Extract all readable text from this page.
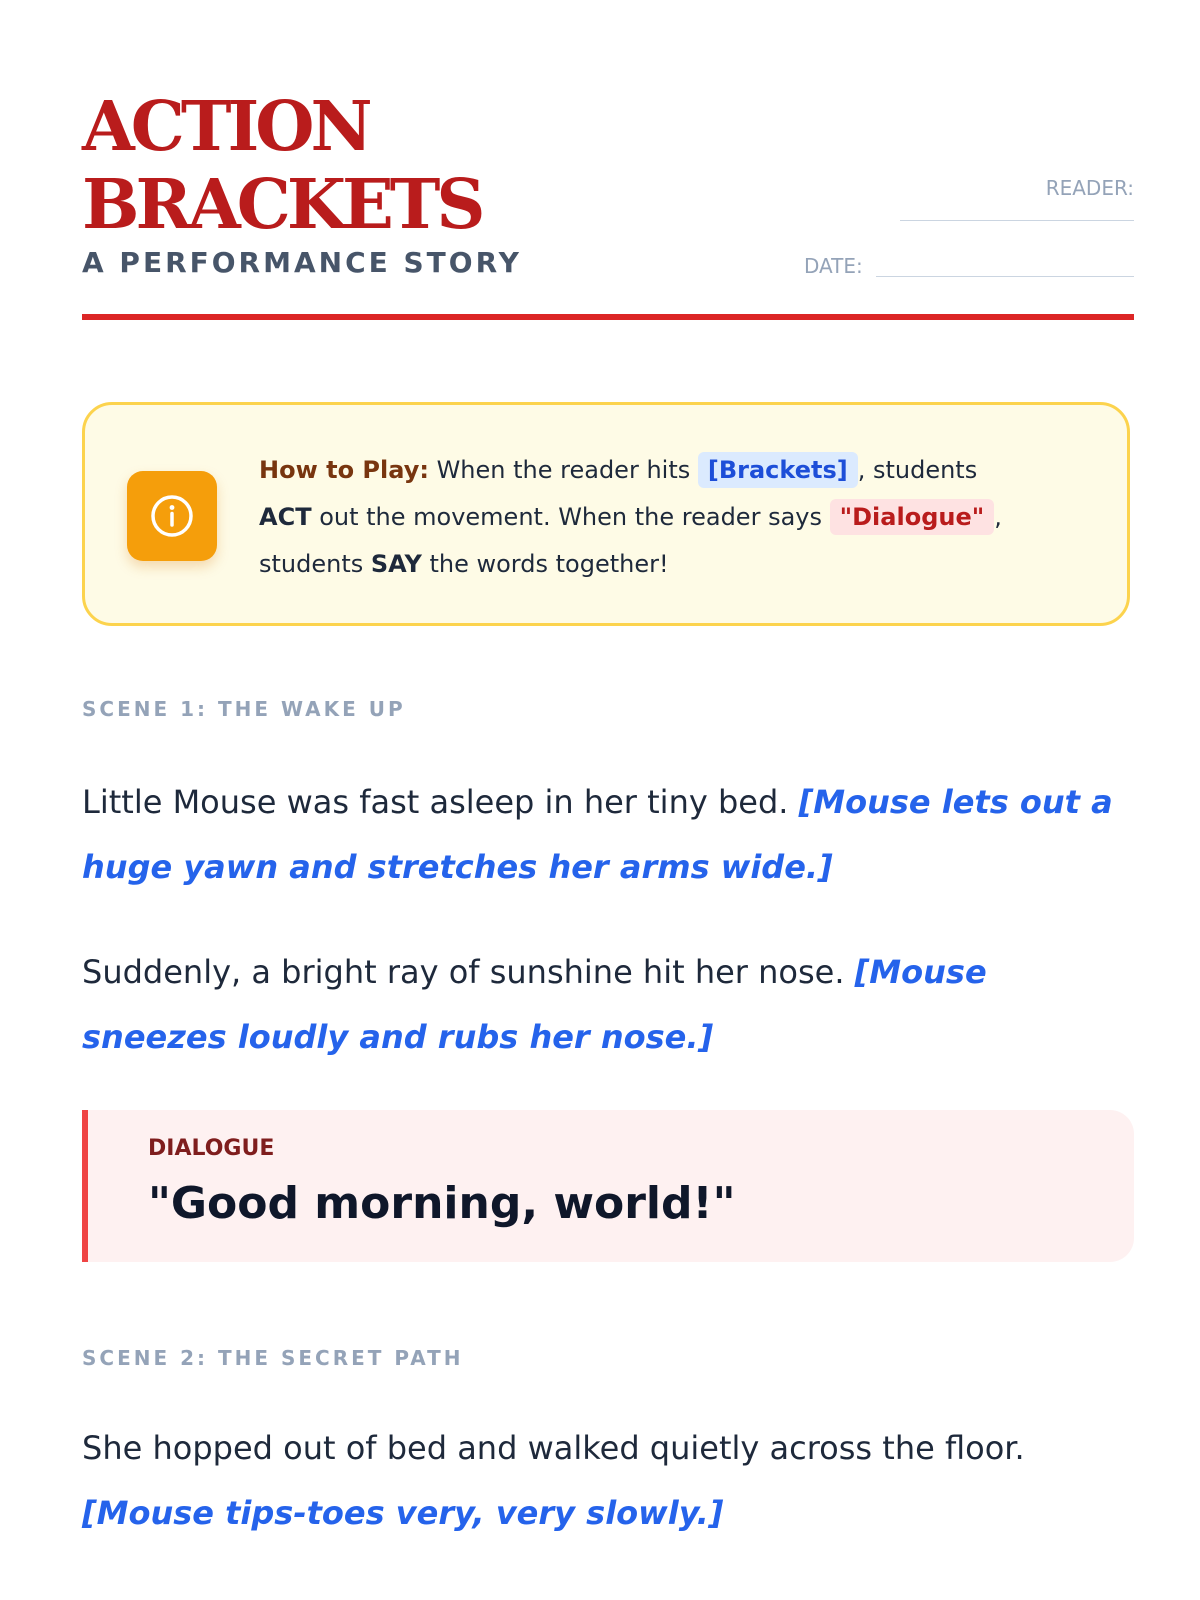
ACTION
BRACKETS
A PERFORMANCE STORY
READER:
DATE:
How to Play: When the reader hits [Brackets] , students
ACT out the movement. When the reader says "Dialogue" ,
students SAY the words together!
SCENE 1: THE WAKE UP

Little Mouse was fast asleep in her tiny bed. [Mouse lets out a huge yawn and stretches her arms wide.]

Suddenly, a bright ray of sunshine hit her nose. [Mouse sneezes loudly and rubs her nose.]

DIALOGUE
"Good morning, world!"
SCENE 2: THE SECRET PATH

She hopped out of bed and walked quietly across the floor. [Mouse tips-toes very, very slowly.]
